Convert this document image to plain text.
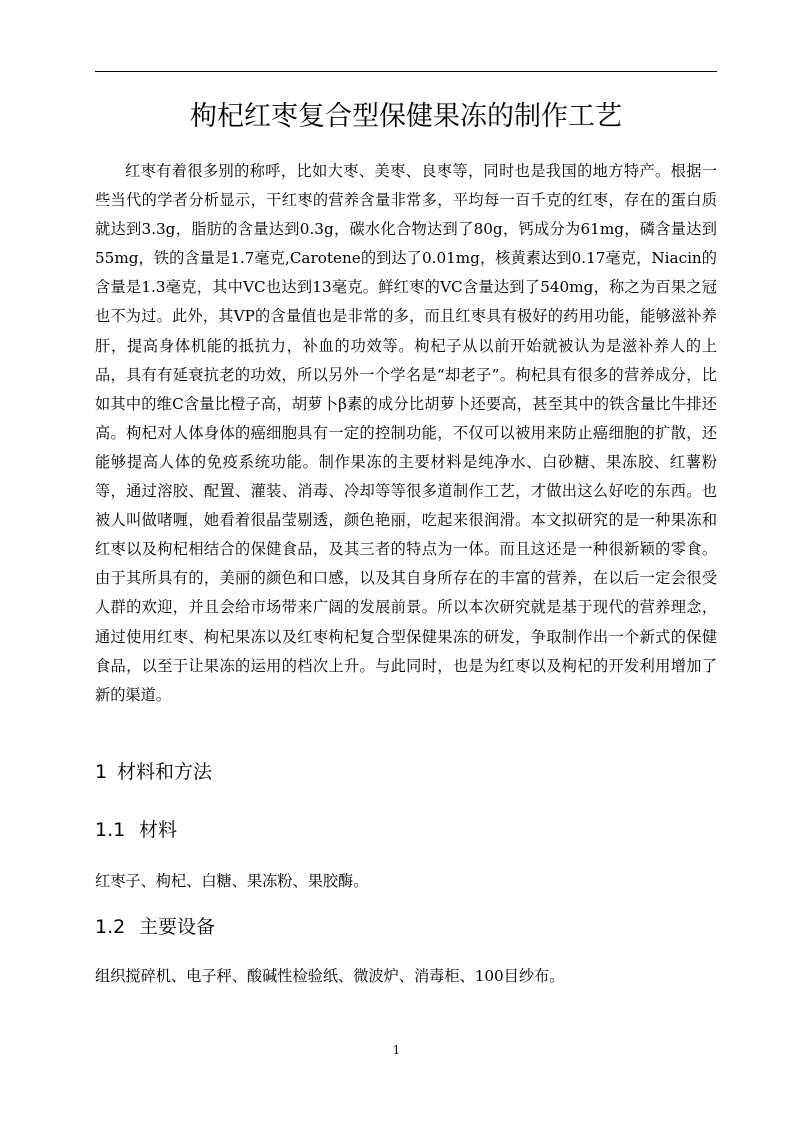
枸杞红枣复合型保健果冻的制作工艺

红枣有着很多别的称呼，比如大枣、美枣、良枣等，同时也是我国的地方特产。根据一些当代的学者分析显示，干红枣的营养含量非常多，平均每一百千克的红枣，存在的蛋白质就达到3.3g，脂肪的含量达到0.3g，碳水化合物达到了80g，钙成分为61mg，磷含量达到55mg，铁的含量是1.7毫克,Carotene的到达了0.01mg，核黄素达到0.17毫克，Niacin的含量是1.3毫克，其中VC也达到13毫克。鲜红枣的VC含量达到了540mg，称之为百果之冠也不为过。此外，其VP的含量值也是非常的多，而且红枣具有极好的药用功能，能够滋补养肝，提高身体机能的抵抗力，补血的功效等。枸杞子从以前开始就被认为是滋补养人的上品，具有有延衰抗老的功效，所以另外一个学名是“却老子”。枸杞具有很多的营养成分，比如其中的维C含量比橙子高，胡萝卜β素的成分比胡萝卜还要高，甚至其中的铁含量比牛排还高。枸杞对人体身体的癌细胞具有一定的控制功能，不仅可以被用来防止癌细胞的扩散，还能够提高人体的免疫系统功能。制作果冻的主要材料是纯净水、白砂糖、果冻胶、红薯粉等，通过溶胶、配置、灌装、消毒、冷却等等很多道制作工艺，才做出这么好吃的东西。也被人叫做啫喱，她看着很晶莹剔透，颜色艳丽，吃起来很润滑。本文拟研究的是一种果冻和红枣以及枸杞相结合的保健食品，及其三者的特点为一体。而且这还是一种很新颖的零食。由于其所具有的，美丽的颜色和口感，以及其自身所存在的丰富的营养，在以后一定会很受人群的欢迎，并且会给市场带来广阔的发展前景。所以本次研究就是基于现代的营养理念，通过使用红枣、枸杞果冻以及红枣枸杞复合型保健果冻的研发，争取制作出一个新式的保健食品，以至于让果冻的运用的档次上升。与此同时，也是为红枣以及枸杞的开发利用增加了新的渠道。

1 材料和方法
1.1 材料

红枣子、枸杞、白糖、果冻粉、果胶酶。

1.2 主要设备

组织搅碎机、电子秤、酸碱性检验纸、微波炉、消毒柜、100目纱布。

1
